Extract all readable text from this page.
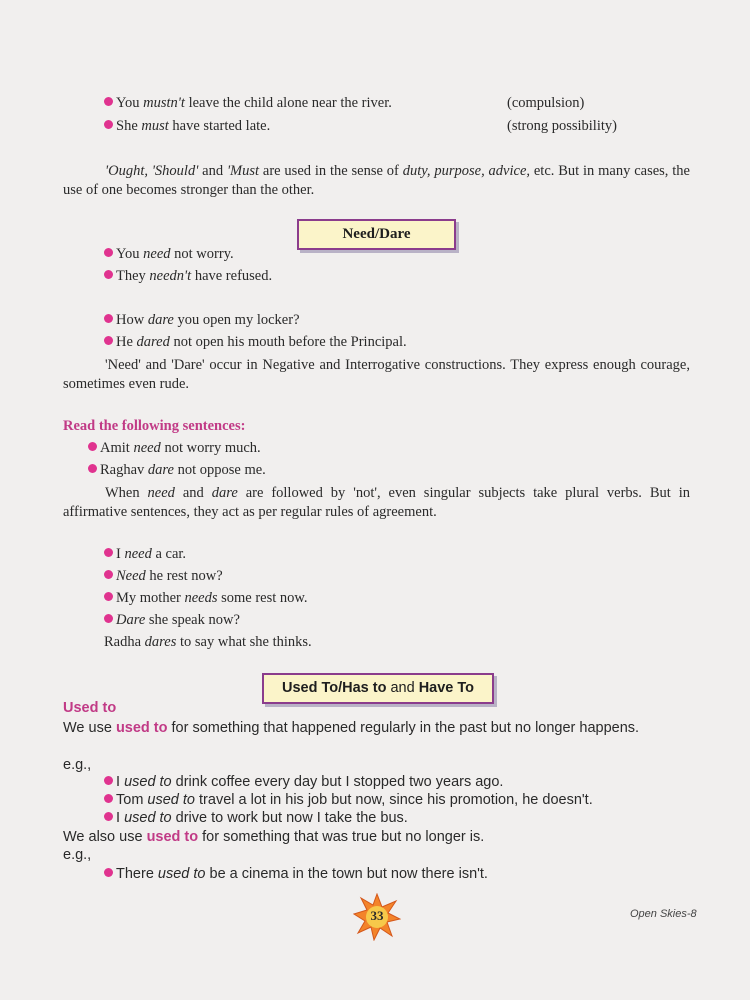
You mustn't leave the child alone near the river.	(compulsion)
She must have started late.	(strong possibility)
'Ought, 'Should' and 'Must are used in the sense of duty, purpose, advice, etc. But in many cases, the use of one becomes stronger than the other.
Need/Dare
You need not worry.
They needn't have refused.
How dare you open my locker?
He dared not open his mouth before the Principal.
'Need' and 'Dare' occur in Negative and Interrogative constructions. They express enough courage, sometimes even rude.
Read the following sentences:
Amit need not worry much.
Raghav dare not oppose me.
When need and dare are followed by 'not', even singular subjects take plural verbs. But in affirmative sentences, they act as per regular rules of agreement.
I need a car.
Need he rest now?
My mother needs some rest now.
Dare she speak now?
Radha dares to say what she thinks.
Used To/Has to and Have To
Used to
We use used to for something that happened regularly in the past but no longer happens.
e.g.,
I used to drink coffee every day but I stopped two years ago.
Tom used to travel a lot in his job but now, since his promotion, he doesn't.
I used to drive to work but now I take the bus.
We also use used to for something that was true but no longer is.
e.g.,
There used to be a cinema in the town but now there isn't.
33	Open Skies-8
